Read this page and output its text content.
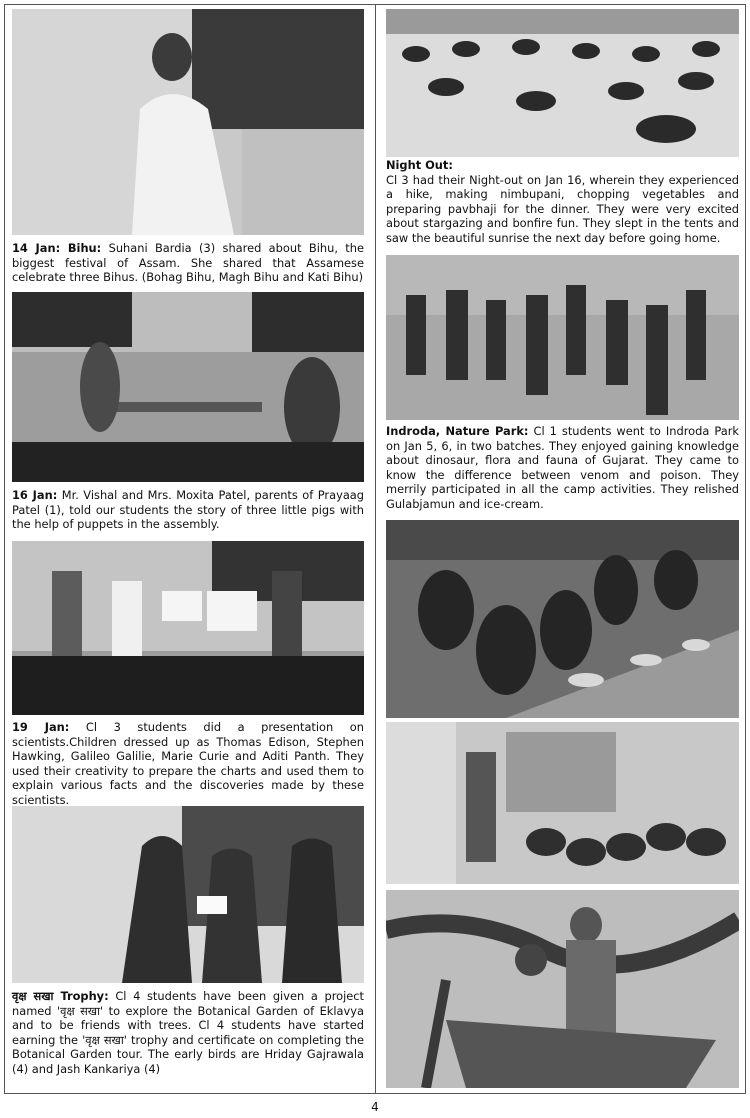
14 Jan: Bihu: Suhani Bardia (3) shared about Bihu, the biggest festival of Assam. She shared that Assamese celebrate three Bihus. (Bohag Bihu, Magh Bihu and Kati Bihu)
16 Jan: Mr. Vishal and Mrs. Moxita Patel, parents of Prayaag Patel (1), told our students the story of three little pigs with the help of puppets in the assembly.
19 Jan: Cl 3 students did a presentation on scientists.Children dressed up as Thomas Edison, Stephen Hawking, Galileo Galilie, Marie Curie and Aditi Panth. They used their creativity to prepare the charts and used them to explain various facts and the discoveries made by these scientists.
वृक्ष सखा Trophy: Cl 4 students have been given a project named 'वृक्ष सखा' to explore the Botanical Garden of Eklavya and to be friends with trees. Cl 4 students have started earning the 'वृक्ष सखा' trophy and certificate on completing the Botanical Garden tour. The early birds are Hriday Gajrawala (4) and Jash Kankariya (4)
Night Out:
Cl 3 had their Night-out on Jan 16, wherein they experienced a hike, making nimbupani, chopping vegetables and preparing pavbhaji for the dinner. They were very excited about stargazing and bonfire fun. They slept in the tents and saw the beautiful sunrise the next day before going home.
Indroda, Nature Park: Cl 1 students went to Indroda Park on Jan 5, 6, in two batches. They enjoyed gaining knowledge about dinosaur, flora and fauna of Gujarat. They came to know the difference between venom and poison. They merrily participated in all the camp activities. They relished Gulabjamun and ice-cream.
4
